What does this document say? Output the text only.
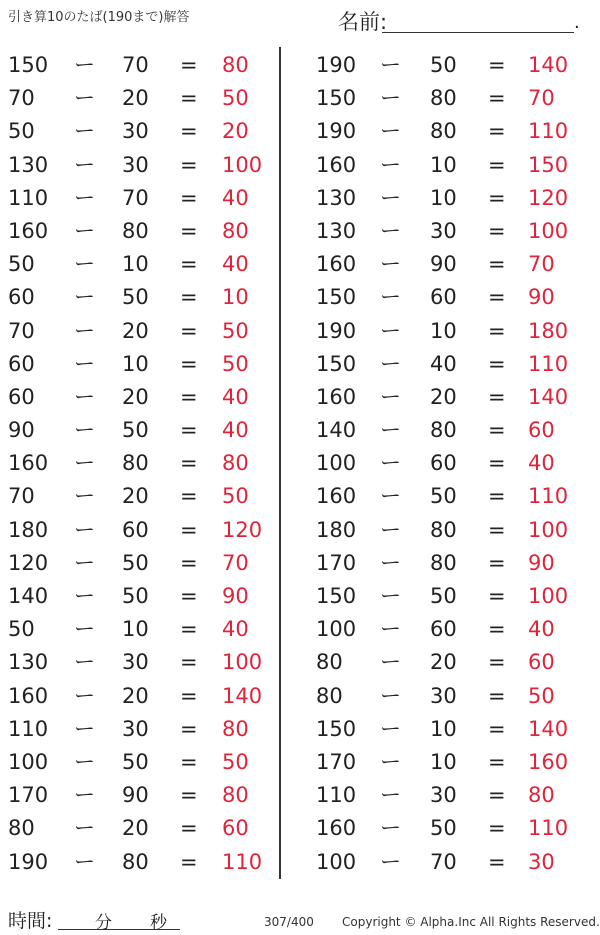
引き算10のたば(190まで)解答	名前:	.
150 ー 70 = 80
70 ー 20 = 50
50 ー 30 = 20
130 ー 30 = 100
110 ー 70 = 40
160 ー 80 = 80
50 ー 10 = 40
60 ー 50 = 10
70 ー 20 = 50
60 ー 10 = 50
60 ー 20 = 40
90 ー 50 = 40
160 ー 80 = 80
70 ー 20 = 50
180 ー 60 = 120
120 ー 50 = 70
140 ー 50 = 90
50 ー 10 = 40
130 ー 30 = 100
160 ー 20 = 140
110 ー 30 = 80
100 ー 50 = 50
170 ー 90 = 80
80 ー 20 = 60
190 ー 80 = 110
190 ー 50 = 140
150 ー 80 = 70
190 ー 80 = 110
160 ー 10 = 150
130 ー 10 = 120
130 ー 30 = 100
160 ー 90 = 70
150 ー 60 = 90
190 ー 10 = 180
150 ー 40 = 110
160 ー 20 = 140
140 ー 80 = 60
100 ー 60 = 40
160 ー 50 = 110
180 ー 80 = 100
170 ー 80 = 90
150 ー 50 = 100
100 ー 60 = 40
80 ー 20 = 60
80 ー 30 = 50
150 ー 10 = 140
170 ー 10 = 160
110 ー 30 = 80
160 ー 50 = 110
100 ー 70 = 30
時間:	分 秒	307/400 Copyright © Alpha.Inc All Rights Reserved.
